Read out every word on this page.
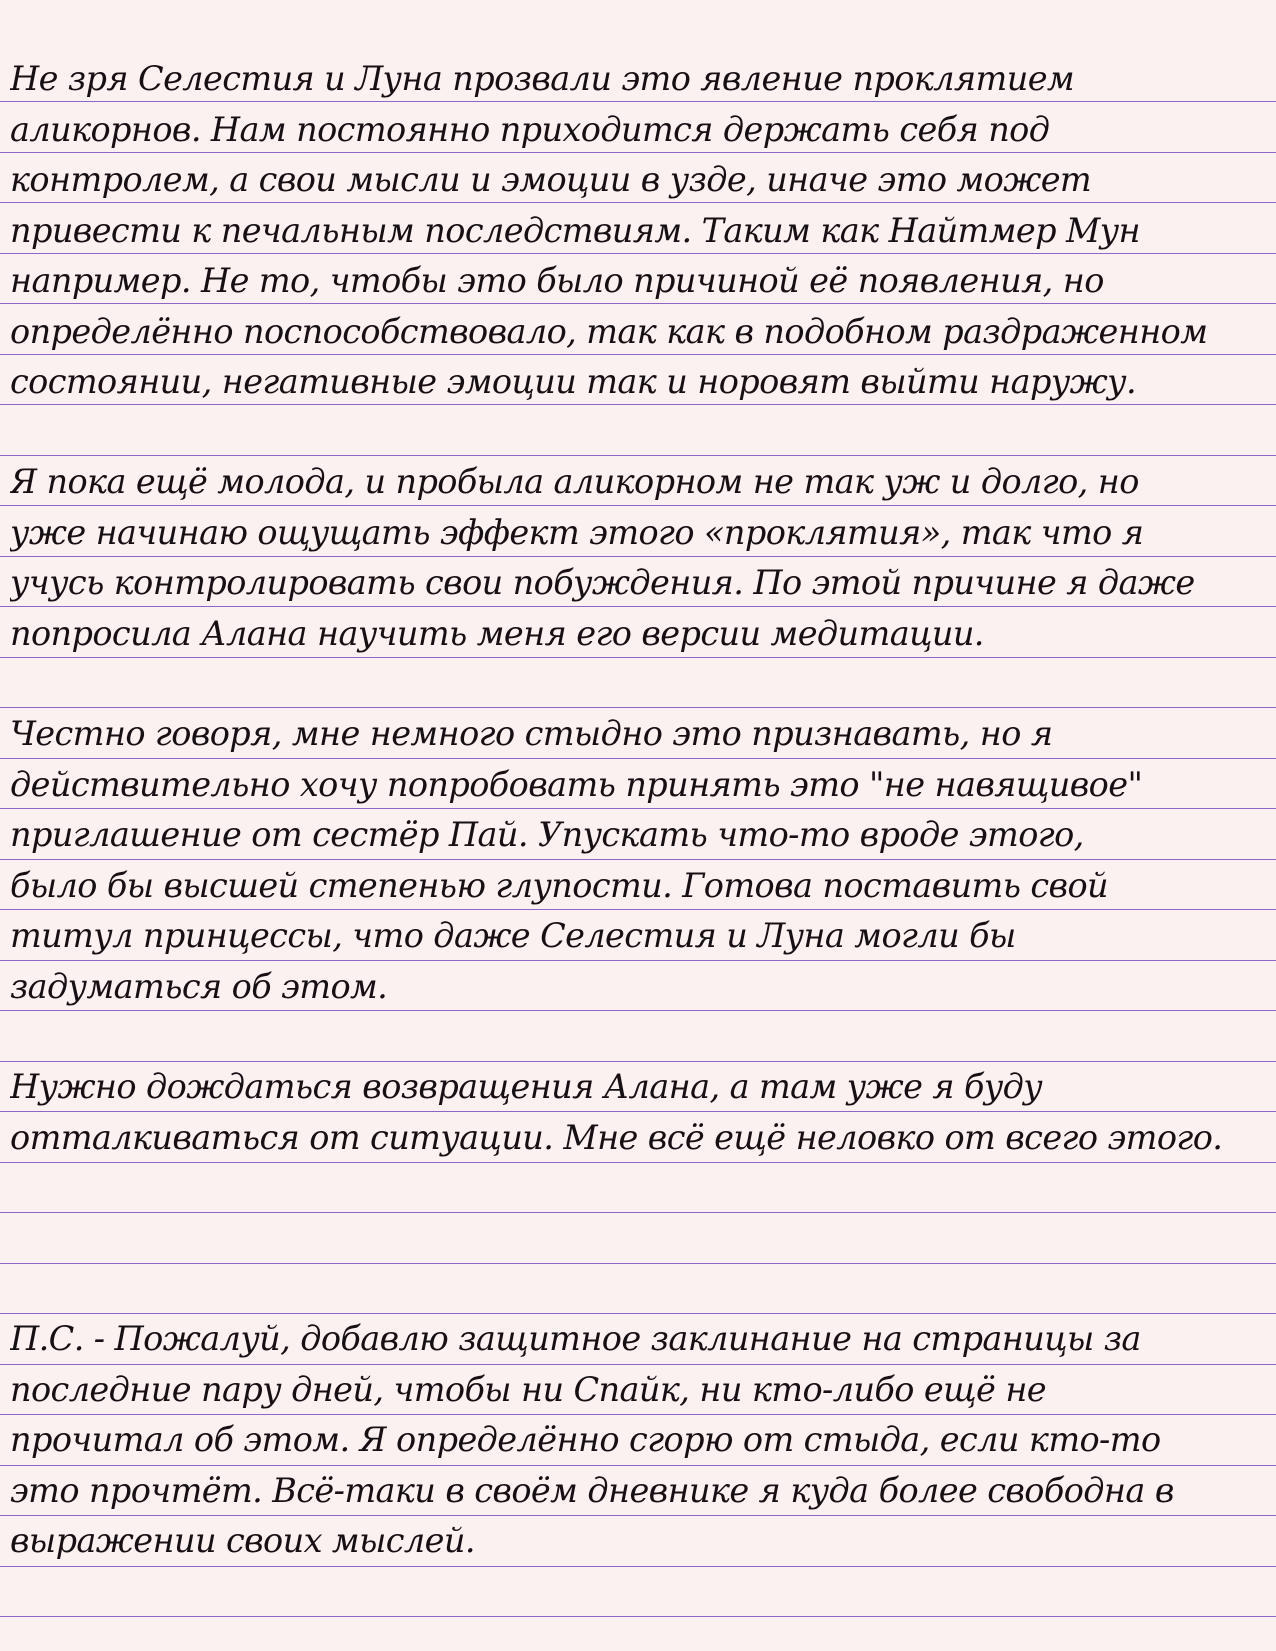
Не зря Селестия и Луна прозвали это явление проклятием
аликорнов. Нам постоянно приходится держать себя под
контролем, а свои мысли и эмоции в узде, иначе это может
привести к печальным последствиям. Таким как Найтмер Мун
например. Не то, чтобы это было причиной её появления, но
определённо поспособствовало, так как в подобном раздраженном
состоянии, негативные эмоции так и норовят выйти наружу.
Я пока ещё молода, и пробыла аликорном не так уж и долго, но
уже начинаю ощущать эффект этого «проклятия», так что я
учусь контролировать свои побуждения. По этой причине я даже
попросила Алана научить меня его версии медитации.
Честно говоря, мне немного стыдно это признавать, но я
действительно хочу попробовать принять это "не навящивое"
приглашение от сестёр Пай. Упускать что-то вроде этого,
было бы высшей степенью глупости. Готова поставить свой
титул принцессы, что даже Селестия и Луна могли бы
задуматься об этом.
Нужно дождаться возвращения Алана, а там уже я буду
отталкиваться от ситуации. Мне всё ещё неловко от всего этого.
П.С. - Пожалуй, добавлю защитное заклинание на страницы за
последние пару дней, чтобы ни Спайк, ни кто-либо ещё не
прочитал об этом. Я определённо сгорю от стыда, если кто-то
это прочтёт. Всё-таки в своём дневнике я куда более свободна в
выражении своих мыслей.
